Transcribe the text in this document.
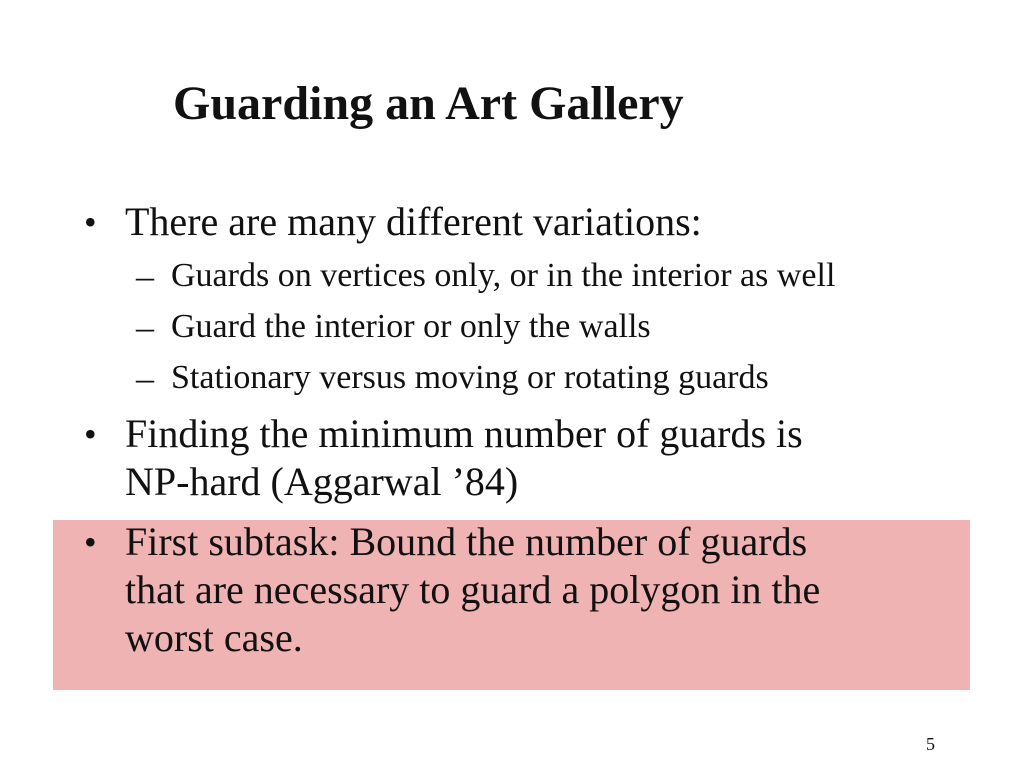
Guarding an Art Gallery
• There are many different variations:
– Guards on vertices only, or in the interior as well
– Guard the interior or only the walls
– Stationary versus moving or rotating guards
• Finding the minimum number of guards is
NP-hard (Aggarwal ’84)
• First subtask: Bound the number of guards
that are necessary to guard a polygon in the
worst case.
5
